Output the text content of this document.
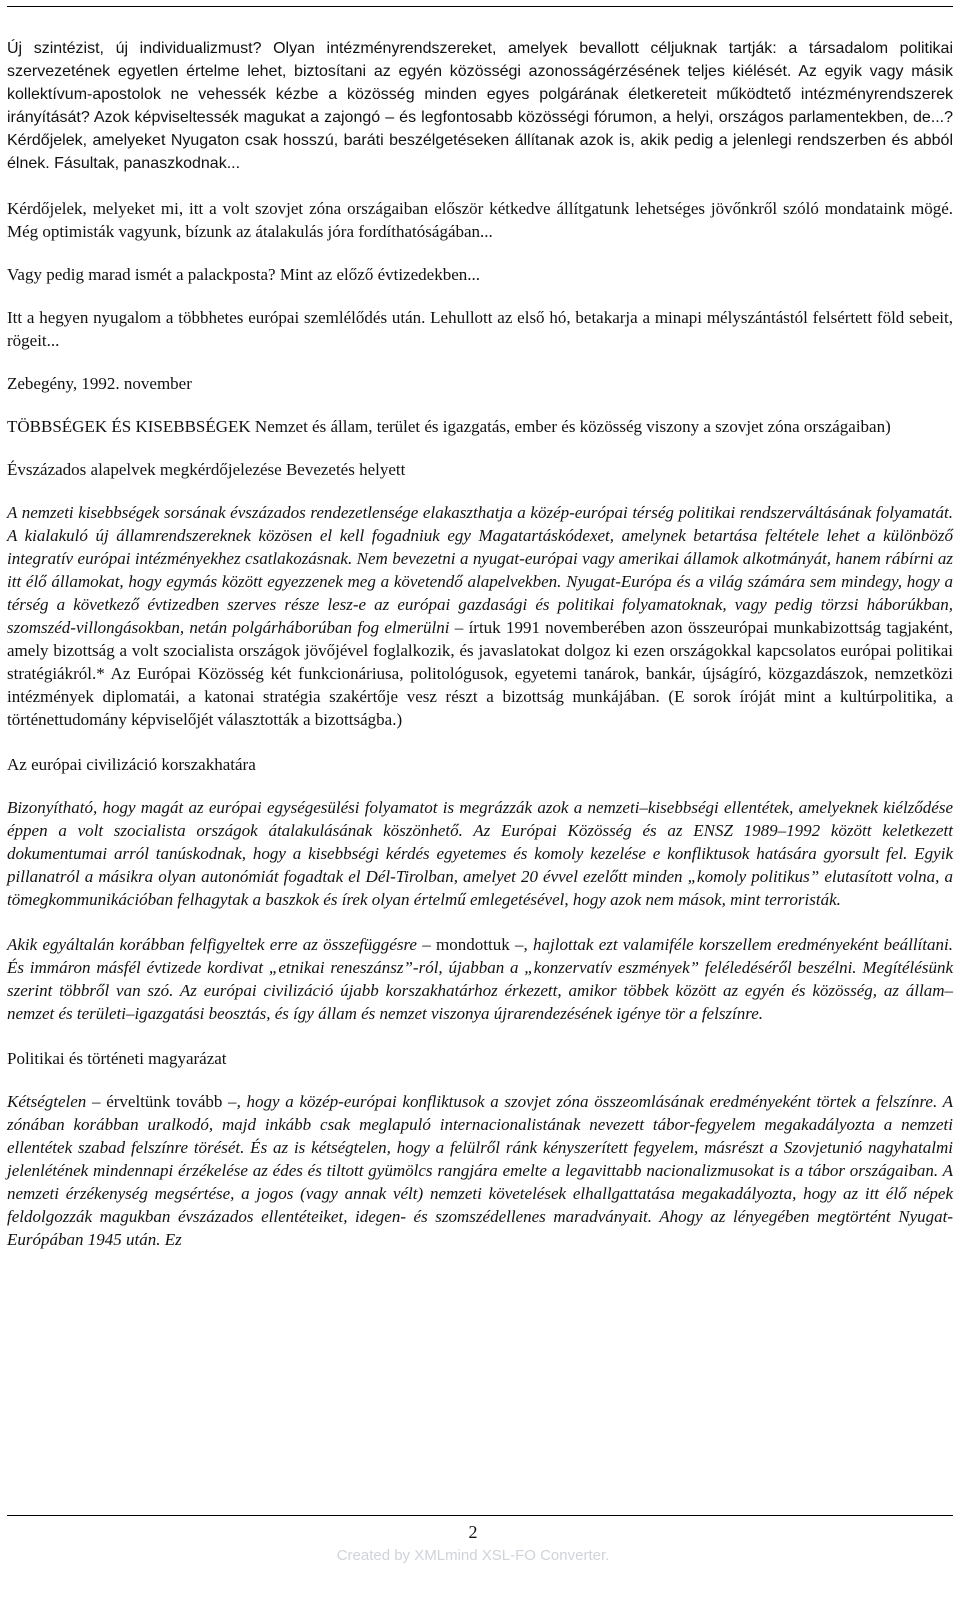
Új szintézist, új individualizmust? Olyan intézményrendszereket, amelyek bevallott céljuknak tartják: a társadalom politikai szervezetének egyetlen értelme lehet, biztosítani az egyén közösségi azonosságérzésének teljes kiélését. Az egyik vagy másik kollektívum-apostolok ne vehessék kézbe a közösség minden egyes polgárának életkereteit működtető intézményrendszerek irányítását? Azok képviseltessék magukat a zajongó – és legfontosabb közösségi fórumon, a helyi, országos parlamentekben, de...? Kérdőjelek, amelyeket Nyugaton csak hosszú, baráti beszélgetéseken állítanak azok is, akik pedig a jelenlegi rendszerben és abból élnek. Fásultak, panaszkodnak...

Kérdőjelek, melyeket mi, itt a volt szovjet zóna országaiban először kétkedve állítgatunk lehetséges jövőnkről szóló mondataink mögé. Még optimisták vagyunk, bízunk az átalakulás jóra fordíthatóságában...

Vagy pedig marad ismét a palackposta? Mint az előző évtizedekben...

Itt a hegyen nyugalom a többhetes európai szemlélődés után. Lehullott az első hó, betakarja a minapi mélyszántástól felsértett föld sebeit, rögeit...

Zebegény, 1992. november

TÖBBSÉGEK ÉS KISEBBSÉGEK Nemzet és állam, terület és igazgatás, ember és közösség viszony a szovjet zóna országaiban)

Évszázados alapelvek megkérdőjelezése Bevezetés helyett

A nemzeti kisebbségek sorsának évszázados rendezetlensége elakaszthatja a közép-európai térség politikai rendszerváltásának folyamatát. A kialakuló új államrendszereknek közösen el kell fogadniuk egy Magatartáskódexet, amelynek betartása feltétele lehet a különböző integratív európai intézményekhez csatlakozásnak. Nem bevezetni a nyugat-európai vagy amerikai államok alkotmányát, hanem rábírni az itt élő államokat, hogy egymás között egyezzenek meg a követendő alapelvekben. Nyugat-Európa és a világ számára sem mindegy, hogy a térség a következő évtizedben szerves része lesz-e az európai gazdasági és politikai folyamatoknak, vagy pedig törzsi háborúkban, szomszéd-villongásokban, netán polgárháborúban fog elmerülni – írtuk 1991 novemberében azon összeurópai munkabizottság tagjaként, amely bizottság a volt szocialista országok jövőjével foglalkozik, és javaslatokat dolgoz ki ezen országokkal kapcsolatos európai politikai stratégiákról.* Az Európai Közösség két funkcionáriusa, politológusok, egyetemi tanárok, bankár, újságíró, közgazdászok, nemzetközi intézmények diplomatái, a katonai stratégia szakértője vesz részt a bizottság munkájában. (E sorok íróját mint a kultúrpolitika, a történettudomány képviselőjét választották a bizottságba.)

Az európai civilizáció korszakhatára

Bizonyítható, hogy magát az európai egységesülési folyamatot is megrázzák azok a nemzeti–kisebbségi ellentétek, amelyeknek kiélződése éppen a volt szocialista országok átalakulásának köszönhető. Az Európai Közösség és az ENSZ 1989–1992 között keletkezett dokumentumai arról tanúskodnak, hogy a kisebbségi kérdés egyetemes és komoly kezelése e konfliktusok hatására gyorsult fel. Egyik pillanatról a másikra olyan autonómiát fogadtak el Dél-Tirolban, amelyet 20 évvel ezelőtt minden „komoly politikus” elutasított volna, a tömegkommunikációban felhagytak a baszkok és írek olyan értelmű emlegetésével, hogy azok nem mások, mint terroristák.

Akik egyáltalán korábban felfigyeltek erre az összefüggésre – mondottuk –, hajlottak ezt valamiféle korszellem eredményeként beállítani. És immáron másfél évtizede kordivat „etnikai reneszánsz”-ról, újabban a „konzervatív eszmények” feléledéséről beszélni. Megítélésünk szerint többről van szó. Az európai civilizáció újabb korszakhatárhoz érkezett, amikor többek között az egyén és közösség, az állam–nemzet és területi–igazgatási beosztás, és így állam és nemzet viszonya újrarendezésének igénye tör a felszínre.

Politikai és történeti magyarázat

Kétségtelen – érveltünk tovább –, hogy a közép-európai konfliktusok a szovjet zóna összeomlásának eredményeként törtek a felszínre. A zónában korábban uralkodó, majd inkább csak meglapuló internacionalistának nevezett tábor-fegyelem megakadályozta a nemzeti ellentétek szabad felszínre törését. És az is kétségtelen, hogy a felülről ránk kényszerített fegyelem, másrészt a Szovjetunió nagyhatalmi jelenlétének mindennapi érzékelése az édes és tiltott gyümölcs rangjára emelte a legavittabb nacionalizmusokat is a tábor országaiban. A nemzeti érzékenység megsértése, a jogos (vagy annak vélt) nemzeti követelések elhallgattatása megakadályozta, hogy az itt élő népek feldolgozzák magukban évszázados ellentéteiket, idegen- és szomszédellenes maradványait. Ahogy az lényegében megtörtént Nyugat-Európában 1945 után. Ez

2
Created by XMLmind XSL-FO Converter.
